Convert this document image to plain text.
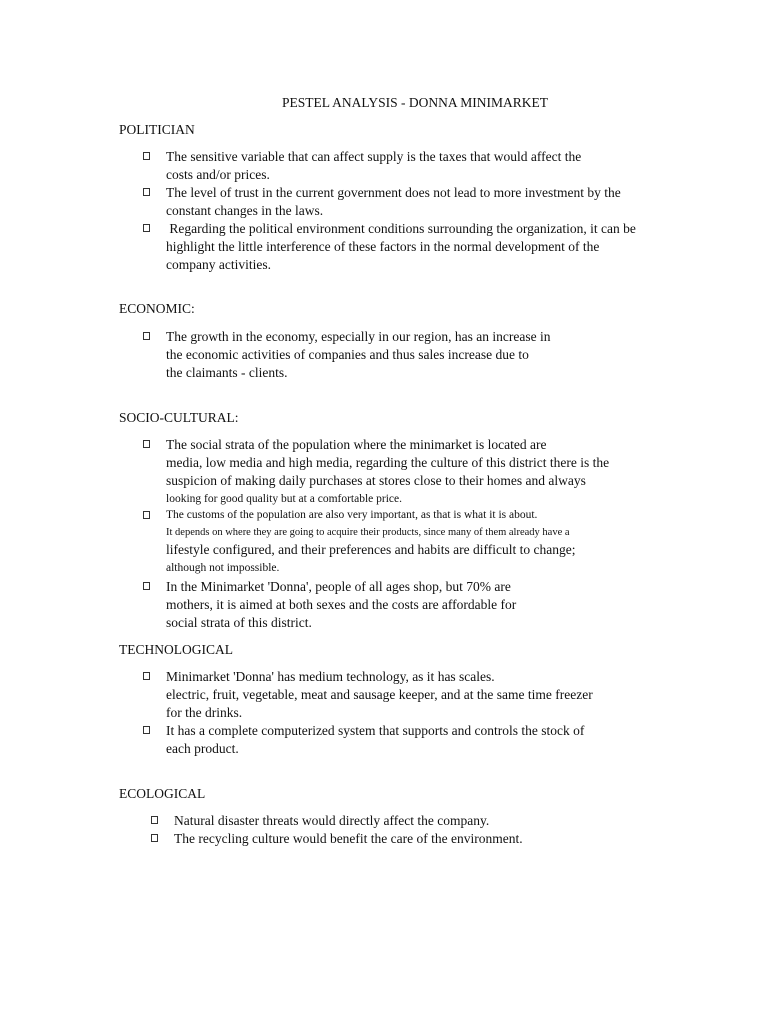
PESTEL ANALYSIS - DONNA MINIMARKET
POLITICIAN
The sensitive variable that can affect supply is the taxes that would affect the
costs and/or prices.
The level of trust in the current government does not lead to more investment by the
constant changes in the laws.
Regarding the political environment conditions surrounding the organization, it can be
highlight the little interference of these factors in the normal development of the
company activities.
ECONOMIC:
The growth in the economy, especially in our region, has an increase in
the economic activities of companies and thus sales increase due to
the claimants - clients.
SOCIO-CULTURAL:
The social strata of the population where the minimarket is located are
media, low media and high media, regarding the culture of this district there is the
suspicion of making daily purchases at stores close to their homes and always
looking for good quality but at a comfortable price.
The customs of the population are also very important, as that is what it is about.
It depends on where they are going to acquire their products, since many of them already have a
lifestyle configured, and their preferences and habits are difficult to change;
although not impossible.
In the Minimarket 'Donna', people of all ages shop, but 70% are
mothers, it is aimed at both sexes and the costs are affordable for
social strata of this district.
TECHNOLOGICAL
Minimarket 'Donna' has medium technology, as it has scales.
electric, fruit, vegetable, meat and sausage keeper, and at the same time freezer
for the drinks.
It has a complete computerized system that supports and controls the stock of
each product.
ECOLOGICAL
Natural disaster threats would directly affect the company.
The recycling culture would benefit the care of the environment.
